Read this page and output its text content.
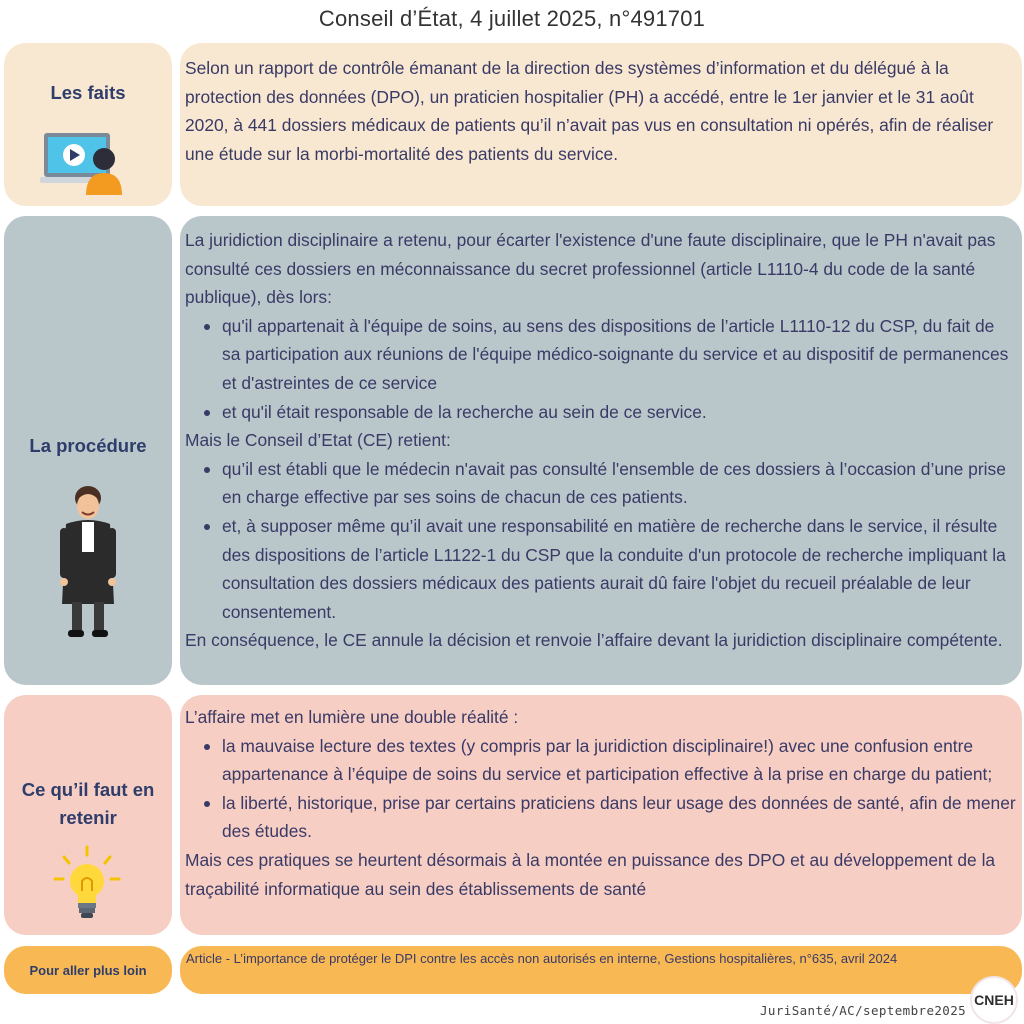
Conseil d’État, 4 juillet 2025, n°491701
Les faits
Selon un rapport de contrôle émanant de la direction des systèmes d’information et du délégué à la protection des données (DPO), un praticien hospitalier (PH) a accédé, entre le 1er janvier et le 31 août 2020, à 441 dossiers médicaux de patients qu’il n’avait pas vus en consultation ni opérés, afin de réaliser une étude sur la morbi-mortalité des patients du service.
La procédure
La juridiction disciplinaire a retenu, pour écarter l'existence d'une faute disciplinaire, que le PH n'avait pas consulté ces dossiers en méconnaissance du secret professionnel (article L1110-4 du code de la santé publique), dès lors:
qu'il appartenait à l'équipe de soins, au sens des dispositions de l’article L1110-12 du CSP, du fait de sa participation aux réunions de l'équipe médico-soignante du service et au dispositif de permanences et d'astreintes de ce service
et qu'il était responsable de la recherche au sein de ce service.
Mais le Conseil d’Etat (CE) retient:
qu’il est établi que le médecin n'avait pas consulté l'ensemble de ces dossiers à l’occasion d’une prise en charge effective par ses soins de chacun de ces patients.
et, à supposer même qu’il avait une responsabilité en matière de recherche dans le service, il résulte des dispositions de l’article L1122-1 du CSP que la conduite d'un protocole de recherche impliquant la consultation des dossiers médicaux des patients aurait dû faire l'objet du recueil préalable de leur consentement.
En conséquence, le CE annule la décision et renvoie l’affaire devant la juridiction disciplinaire compétente.
Ce qu’il faut en retenir
L’affaire met en lumière une double réalité :
la mauvaise lecture des textes (y compris par la juridiction disciplinaire!) avec une confusion entre appartenance à l’équipe de soins du service et participation effective à la prise en charge du patient;
la liberté, historique, prise par certains praticiens dans leur usage des données de santé, afin de mener des études.
Mais ces pratiques se heurtent désormais à la montée en puissance des DPO et au développement de la traçabilité informatique au sein des établissements de santé
Pour aller plus loin
Article - L’importance de protéger le DPI contre les accès non autorisés en interne, Gestions hospitalières, n°635, avril 2024
JuriSanté/AC/septembre2025
CNEH
